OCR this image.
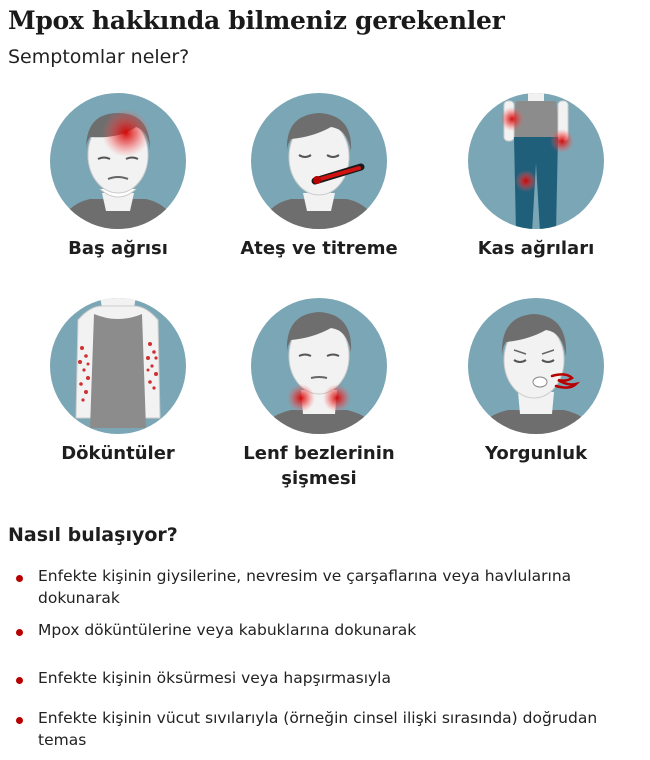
Mpox hakkında bilmeniz gerekenler
Semptomlar neler?
Baş ağrısı	Ateş ve titreme	Kas ağrıları
Döküntüler	Lenf bezlerinin
şişmesi
Yorgunluk
Nasıl bulaşıyor?
Enfekte kişinin giysilerine, nevresim ve çarşaflarına veya havlularına dokunarak
Mpox döküntülerine veya kabuklarına dokunarak
Enfekte kişinin öksürmesi veya hapşırmasıyla
Enfekte kişinin vücut sıvılarıyla (örneğin cinsel ilişki sırasında) doğrudan temas
